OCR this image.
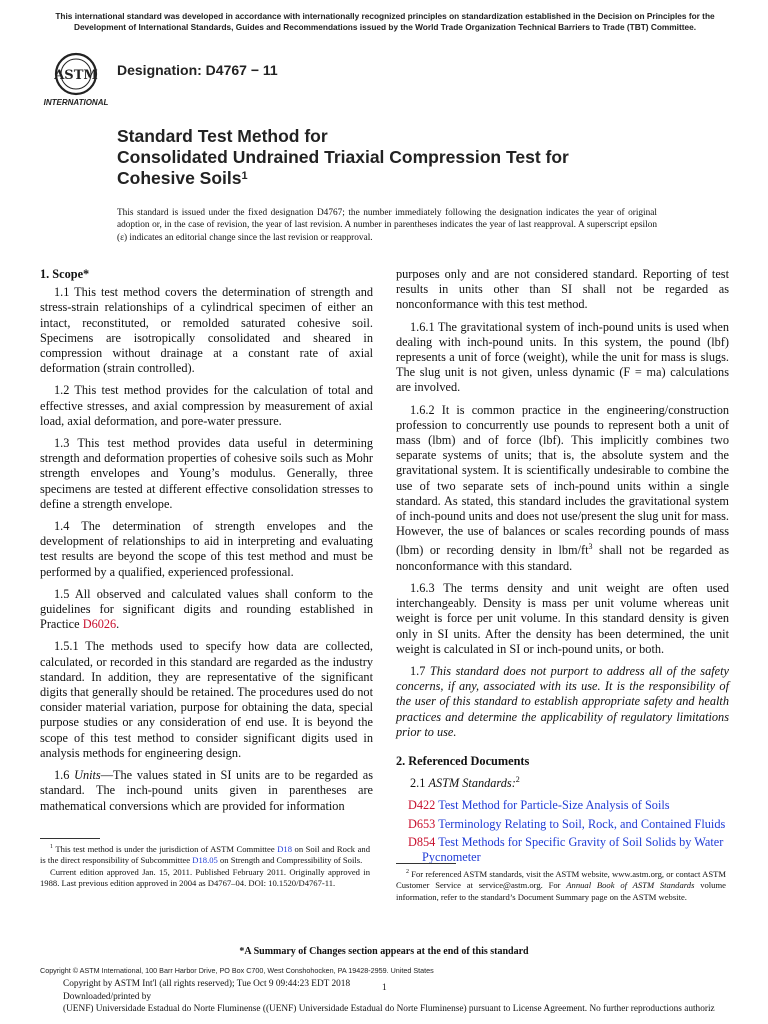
This international standard was developed in accordance with internationally recognized principles on standardization established in the Decision on Principles for the Development of International Standards, Guides and Recommendations issued by the World Trade Organization Technical Barriers to Trade (TBT) Committee.
ASTM
INTERNATIONAL
Designation: D4767 − 11
Standard Test Method for
Consolidated Undrained Triaxial Compression Test for
Cohesive Soils$^1$
This standard is issued under the fixed designation D4767; the number immediately following the designation indicates the year of original adoption or, in the case of revision, the year of last revision. A number in parentheses indicates the year of last reapproval. A superscript epsilon (ε) indicates an editorial change since the last revision or reapproval.
1. Scope*

1.1 This test method covers the determination of strength and stress-strain relationships of a cylindrical specimen of either an intact, reconstituted, or remolded saturated cohesive soil. Specimens are isotropically consolidated and sheared in compression without drainage at a constant rate of axial deformation (strain controlled).

1.2 This test method provides for the calculation of total and effective stresses, and axial compression by measurement of axial load, axial deformation, and pore-water pressure.

1.3 This test method provides data useful in determining strength and deformation properties of cohesive soils such as Mohr strength envelopes and Young’s modulus. Generally, three specimens are tested at different effective consolidation stresses to define a strength envelope.

1.4 The determination of strength envelopes and the development of relationships to aid in interpreting and evaluating test results are beyond the scope of this test method and must be performed by a qualified, experienced professional.

1.5 All observed and calculated values shall conform to the guidelines for significant digits and rounding established in Practice D6026.

1.5.1 The methods used to specify how data are collected, calculated, or recorded in this standard are regarded as the industry standard. In addition, they are representative of the significant digits that generally should be retained. The procedures used do not consider material variation, purpose for obtaining the data, special purpose studies or any consideration of end use. It is beyond the scope of this test method to consider significant digits used in analysis methods for engineering design.

1.6 Units—The values stated in SI units are to be regarded as standard. The inch-pound units given in parentheses are mathematical conversions which are provided for information

purposes only and are not considered standard. Reporting of test results in units other than SI shall not be regarded as nonconformance with this test method.

1.6.1 The gravitational system of inch-pound units is used when dealing with inch-pound units. In this system, the pound (lbf) represents a unit of force (weight), while the unit for mass is slugs. The slug unit is not given, unless dynamic (F = ma) calculations are involved.

1.6.2 It is common practice in the engineering/construction profession to concurrently use pounds to represent both a unit of mass (lbm) and of force (lbf). This implicitly combines two separate systems of units; that is, the absolute system and the gravitational system. It is scientifically undesirable to combine the use of two separate sets of inch-pound units within a single standard. As stated, this standard includes the gravitational system of inch-pound units and does not use/present the slug unit for mass. However, the use of balances or scales recording pounds of mass (lbm) or recording density in lbm/$ft^3$ shall not be regarded as nonconformance with this standard.

1.6.3 The terms density and unit weight are often used interchangeably. Density is mass per unit volume whereas unit weight is force per unit volume. In this standard density is given only in SI units. After the density has been determined, the unit weight is calculated in SI or inch-pound units, or both.

1.7 This standard does not purport to address all of the safety concerns, if any, associated with its use. It is the responsibility of the user of this standard to establish appropriate safety and health practices and determine the applicability of regulatory limitations prior to use.

2. Referenced Documents

2.1 ASTM Standards:$^2$

D422 Test Method for Particle-Size Analysis of Soils
D653 Terminology Relating to Soil, Rock, and Contained Fluids
D854 Test Methods for Specific Gravity of Soil Solids by Water Pycnometer

$^1$ This test method is under the jurisdiction of ASTM Committee D18 on Soil and Rock and is the direct responsibility of Subcommittee D18.05 on Strength and Compressibility of Soils.

Current edition approved Jan. 15, 2011. Published February 2011. Originally approved in 1988. Last previous edition approved in 2004 as D4767–04. DOI: 10.1520/D4767-11.

$^2$ For referenced ASTM standards, visit the ASTM website, www.astm.org, or contact ASTM Customer Service at service@astm.org. For Annual Book of ASTM Standards volume information, refer to the standard’s Document Summary page on the ASTM website.

*A Summary of Changes section appears at the end of this standard
Copyright © ASTM International, 100 Barr Harbor Drive, PO Box C700, West Conshohocken, PA 19428-2959. United States
Copyright by ASTM Int'l (all rights reserved); Tue Oct 9 09:44:23 EDT 2018
Downloaded/printed by
(UENF) Universidade Estadual do Norte Fluminense ((UENF) Universidade Estadual do Norte Fluminense) pursuant to License Agreement. No further reproductions authoriz
1
